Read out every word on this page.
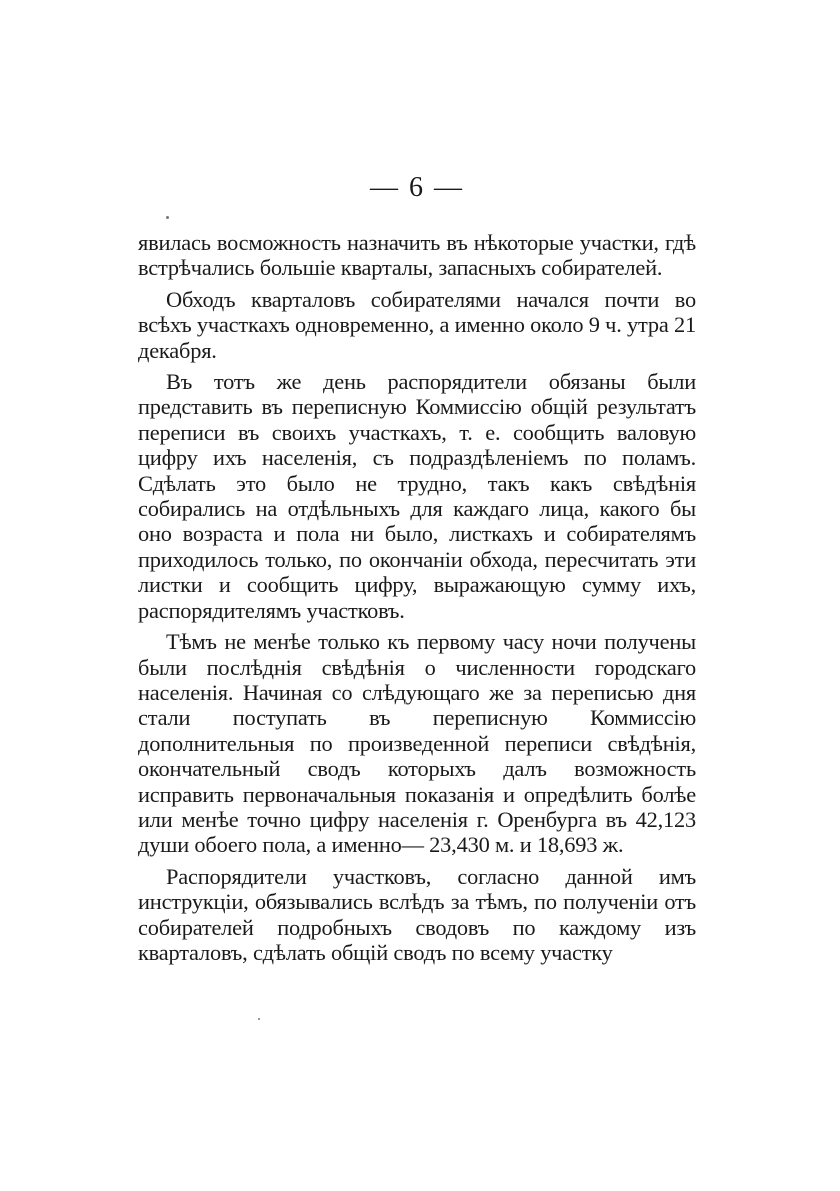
— 6 —

явилась восможность назначить въ нѣкоторые участки, гдѣ встрѣчались большіе кварталы, запасныхъ собирателей.

Обходъ кварталовъ собирателями начался почти во всѣхъ участкахъ одновременно, а именно около 9 ч. утра 21 декабря.

Въ тотъ же день распорядители обязаны были представить въ переписную Коммиссію общій результатъ переписи въ своихъ участкахъ, т. е. сообщить валовую цифру ихъ населенія, съ подраздѣленіемъ по поламъ. Сдѣлать это было не трудно, такъ какъ свѣдѣнія собирались на отдѣльныхъ для каждаго лица, какого бы оно возраста и пола ни было, листкахъ и собирателямъ приходилось только, по окончаніи обхода, пересчитать эти листки и сообщить цифру, выражающую сумму ихъ, распорядителямъ участковъ.

Тѣмъ не менѣе только къ первому часу ночи получены были послѣднія свѣдѣнія о численности городскаго населенія. Начиная со слѣдующаго же за переписью дня стали поступать въ переписную Коммиссію дополнительныя по произведенной переписи свѣдѣнія, окончательный сводъ которыхъ далъ возможность исправить первоначальныя показанія и опредѣлить болѣе или менѣе точно цифру населенія г. Оренбурга въ 42,123 души обоего пола, а именно— 23,430 м. и 18,693 ж.

Распорядители участковъ, согласно данной имъ инструкціи, обязывались вслѣдъ за тѣмъ, по полученіи отъ собирателей подробныхъ сводовъ по каждому изъ кварталовъ, сдѣлать общій сводъ по всему участку
